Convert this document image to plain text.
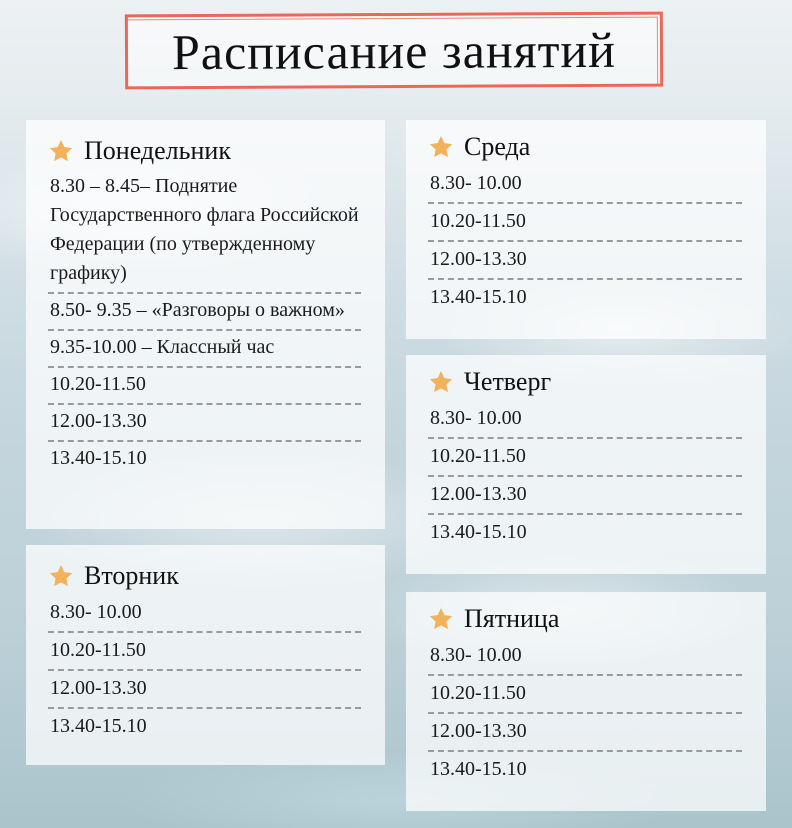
Расписание занятий
Понедельник
8.30 – 8.45– Поднятие Государственного флага Российской Федерации (по утвержденному графику)
8.50- 9.35 – «Разговоры о важном»
9.35-10.00 – Классный час
10.20-11.50
12.00-13.30
13.40-15.10
Вторник
8.30- 10.00
10.20-11.50
12.00-13.30
13.40-15.10
Среда
8.30- 10.00
10.20-11.50
12.00-13.30
13.40-15.10
Четверг
8.30- 10.00
10.20-11.50
12.00-13.30
13.40-15.10
Пятница
8.30- 10.00
10.20-11.50
12.00-13.30
13.40-15.10
